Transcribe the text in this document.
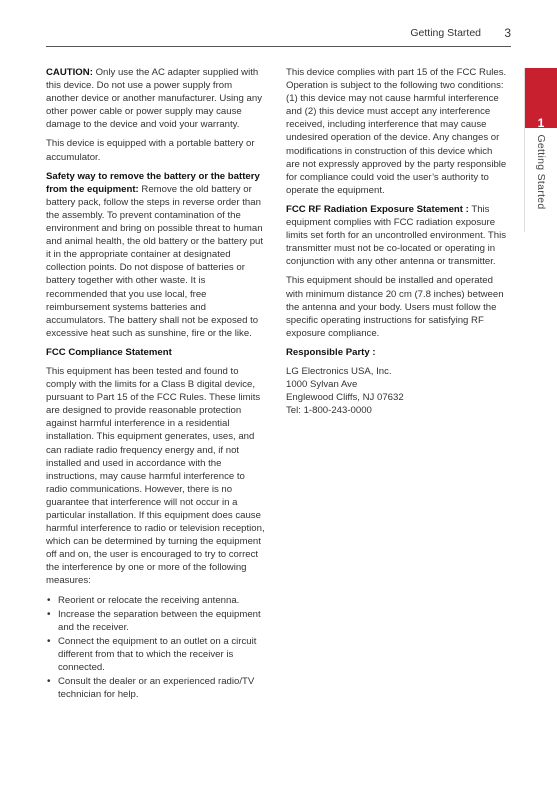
Getting Started 3
1
Getting Started

CAUTION: Only use the AC adapter supplied with this device. Do not use a power supply from another device or another manufacturer. Using any other power cable or power supply may cause damage to the device and void your warranty.

This device is equipped with a portable battery or accumulator.

Safety way to remove the battery or the battery from the equipment: Remove the old battery or battery pack, follow the steps in reverse order than the assembly. To prevent contamination of the environment and bring on possible threat to human and animal health, the old battery or the battery put it in the appropriate container at designated collection points. Do not dispose of batteries or battery together with other waste. It is recommended that you use local, free reimbursement systems batteries and accumulators. The battery shall not be exposed to excessive heat such as sunshine, fire or the like.

FCC Compliance Statement

This equipment has been tested and found to comply with the limits for a Class B digital device, pursuant to Part 15 of the FCC Rules. These limits are designed to provide reasonable protection against harmful interference in a residential installation. This equipment generates, uses, and can radiate radio frequency energy and, if not installed and used in accordance with the instructions, may cause harmful interference to radio communications. However, there is no guarantee that interference will not occur in a particular installation. If this equipment does cause harmful interference to radio or television reception, which can be determined by turning the equipment off and on, the user is encouraged to try to correct the interference by one or more of the following measures:

• Reorient or relocate the receiving antenna.
• Increase the separation between the equipment and the receiver.
• Connect the equipment to an outlet on a circuit different from that to which the receiver is connected.
• Consult the dealer or an experienced radio/TV technician for help.

This device complies with part 15 of the FCC Rules. Operation is subject to the following two conditions: (1) this device may not cause harmful interference and (2) this device must accept any interference received, including interference that may cause undesired operation of the device. Any changes or modifications in construction of this device which are not expressly approved by the party responsible for compliance could void the user’s authority to operate the equipment.

FCC RF Radiation Exposure Statement : This equipment complies with FCC radiation exposure limits set forth for an uncontrolled environment. This transmitter must not be co-located or operating in conjunction with any other antenna or transmitter.

This equipment should be installed and operated with minimum distance 20 cm (7.8 inches) between the antenna and your body. Users must follow the specific operating instructions for satisfying RF exposure compliance.

Responsible Party :
LG Electronics USA, Inc.
1000 Sylvan Ave
Englewood Cliffs, NJ 07632
Tel: 1-800-243-0000
